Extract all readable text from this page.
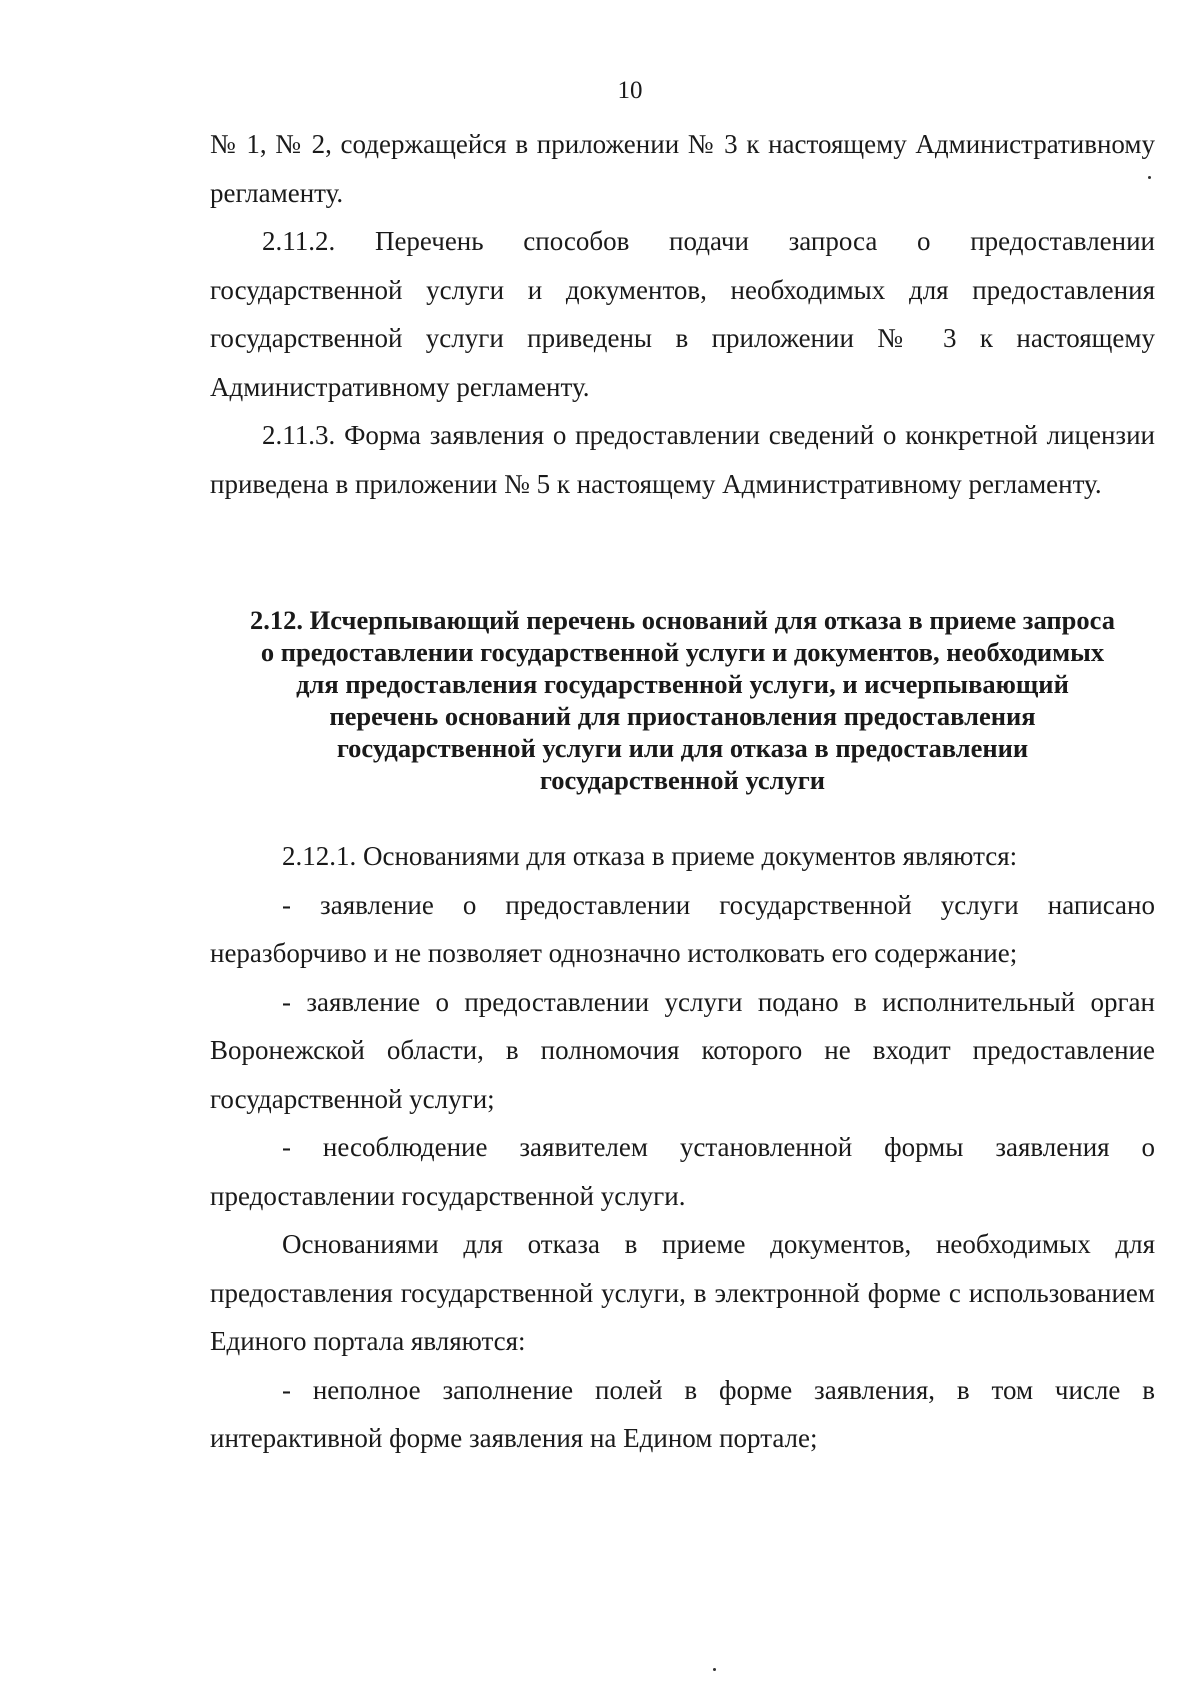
10

№ 1, № 2, содержащейся в приложении № 3 к настоящему Административному регламенту.

2.11.2. Перечень способов подачи запроса о предоставлении государственной услуги и документов, необходимых для предоставления государственной услуги приведены в приложении № 3 к настоящему Административному регламенту.

2.11.3. Форма заявления о предоставлении сведений о конкретной лицензии приведена в приложении № 5 к настоящему Административному регламенту.

2.12. Исчерпывающий перечень оснований для отказа в приеме запроса
о предоставлении государственной услуги и документов, необходимых
для предоставления государственной услуги, и исчерпывающий
перечень оснований для приостановления предоставления
государственной услуги или для отказа в предоставлении
государственной услуги

2.12.1. Основаниями для отказа в приеме документов являются:

- заявление о предоставлении государственной услуги написано неразборчиво и не позволяет однозначно истолковать его содержание;

- заявление о предоставлении услуги подано в исполнительный орган Воронежской области, в полномочия которого не входит предоставление государственной услуги;

- несоблюдение заявителем установленной формы заявления о предоставлении государственной услуги.

Основаниями для отказа в приеме документов, необходимых для предоставления государственной услуги, в электронной форме с использованием Единого портала являются:

- неполное заполнение полей в форме заявления, в том числе в интерактивной форме заявления на Едином портале;
